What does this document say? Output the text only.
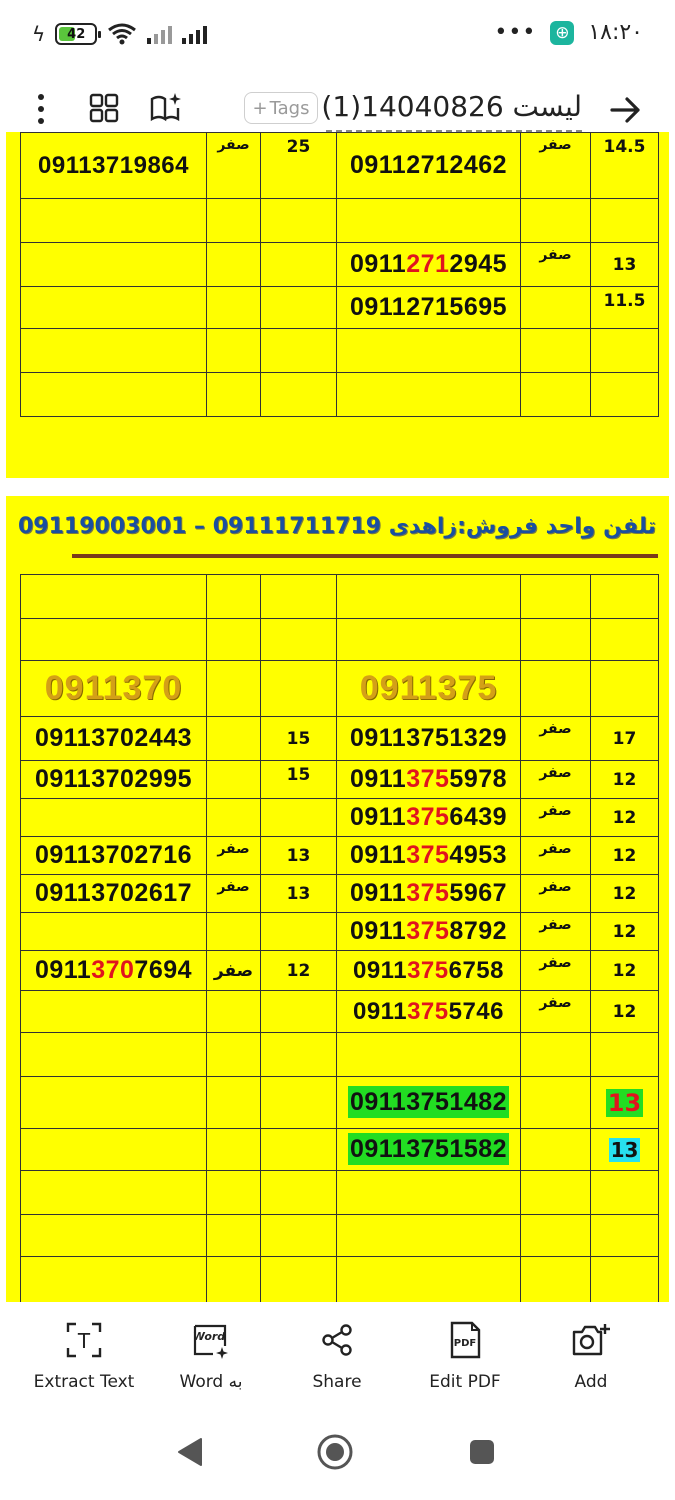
ϟ 42	••• ⊕ ۱۸:۲۰
+ Tags لیست 14040826(1)
09113719864	صفر	25	09112712462	صفر	14.5

			09112712945	صفر	13
			09112715695		11.5

تلفن واحد فروش:زاهدی 09111711719 – 09119003001

0911370			0911375		
09113702443		15	09113751329	صفر	17
09113702995		15	09113755978	صفر	12
			09113756439	صفر	12
09113702716	صفر	13	09113754953	صفر	12
09113702617	صفر	13	09113755967	صفر	12
			09113758792	صفر	12
09113707694	صفر	12	09113756758	صفر	12
			09113755746	صفر	12

			09113751482		13
			09113751582		13

T
Extract Text
Word
Word به	Share
PDF
Edit PDF	Add
